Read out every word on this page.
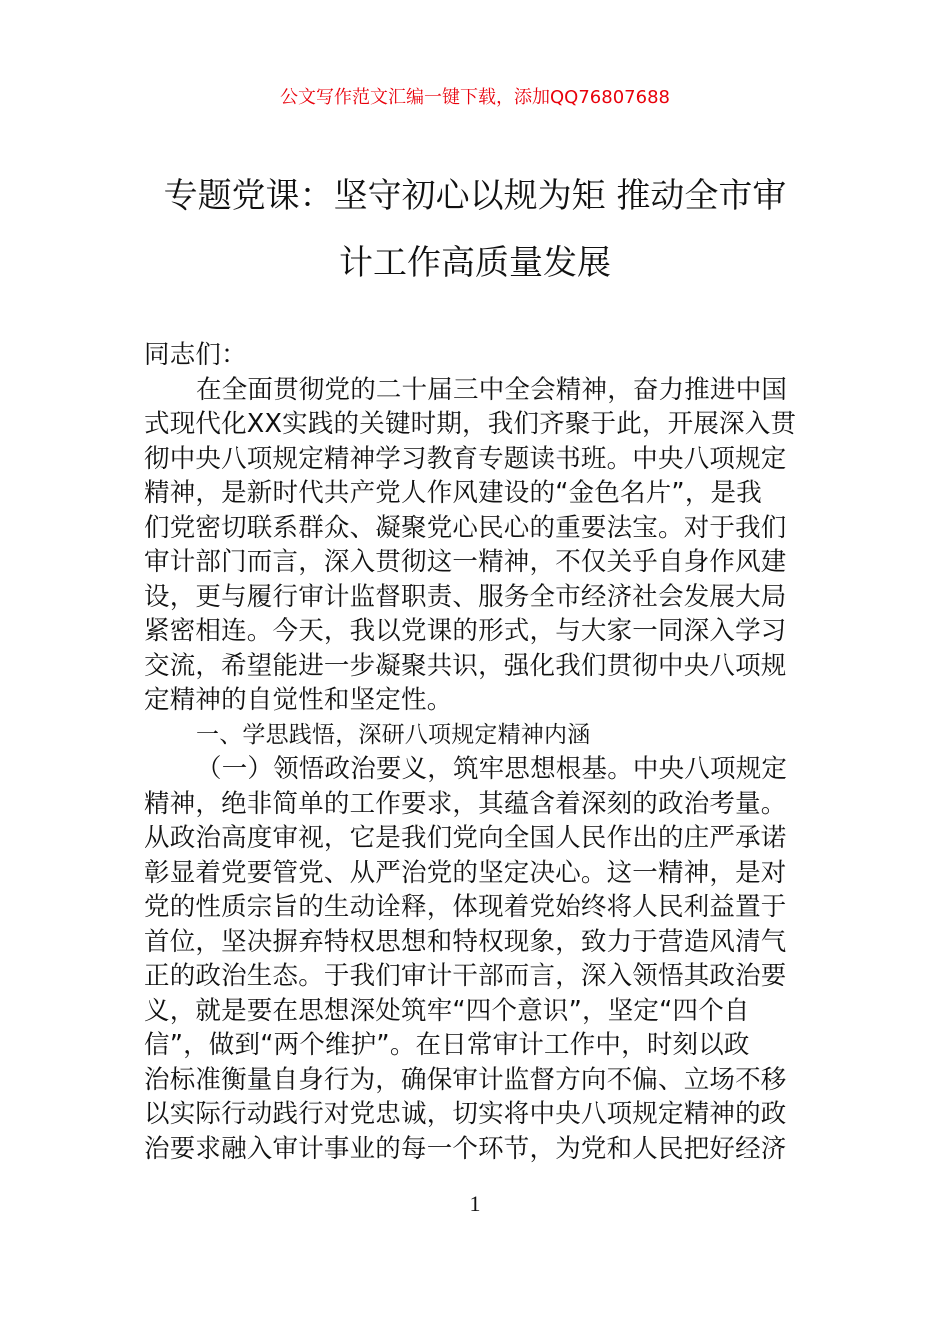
公文写作范文汇编一键下载，添加QQ76807688
专题党课：坚守初心以规为矩 推动全市审
计工作高质量发展
同志们：
在全面贯彻党的二十届三中全会精神，奋力推进中国
式现代化XX实践的关键时期，我们齐聚于此，开展深入贯
彻中央八项规定精神学习教育专题读书班。中央八项规定
精神，是新时代共产党人作风建设的“金色名片”，是我
们党密切联系群众、凝聚党心民心的重要法宝。对于我们
审计部门而言，深入贯彻这一精神，不仅关乎自身作风建
设，更与履行审计监督职责、服务全市经济社会发展大局
紧密相连。今天，我以党课的形式，与大家一同深入学习
交流，希望能进一步凝聚共识，强化我们贯彻中央八项规
定精神的自觉性和坚定性。
一、学思践悟，深研八项规定精神内涵
（一）领悟政治要义，筑牢思想根基。中央八项规定
精神，绝非简单的工作要求，其蕴含着深刻的政治考量。
从政治高度审视，它是我们党向全国人民作出的庄严承诺
彰显着党要管党、从严治党的坚定决心。这一精神，是对
党的性质宗旨的生动诠释，体现着党始终将人民利益置于
首位，坚决摒弃特权思想和特权现象，致力于营造风清气
正的政治生态。于我们审计干部而言，深入领悟其政治要
义，就是要在思想深处筑牢“四个意识”，坚定“四个自
信”，做到“两个维护”。在日常审计工作中，时刻以政
治标准衡量自身行为，确保审计监督方向不偏、立场不移
以实际行动践行对党忠诚，切实将中央八项规定精神的政
治要求融入审计事业的每一个环节，为党和人民把好经济
1
